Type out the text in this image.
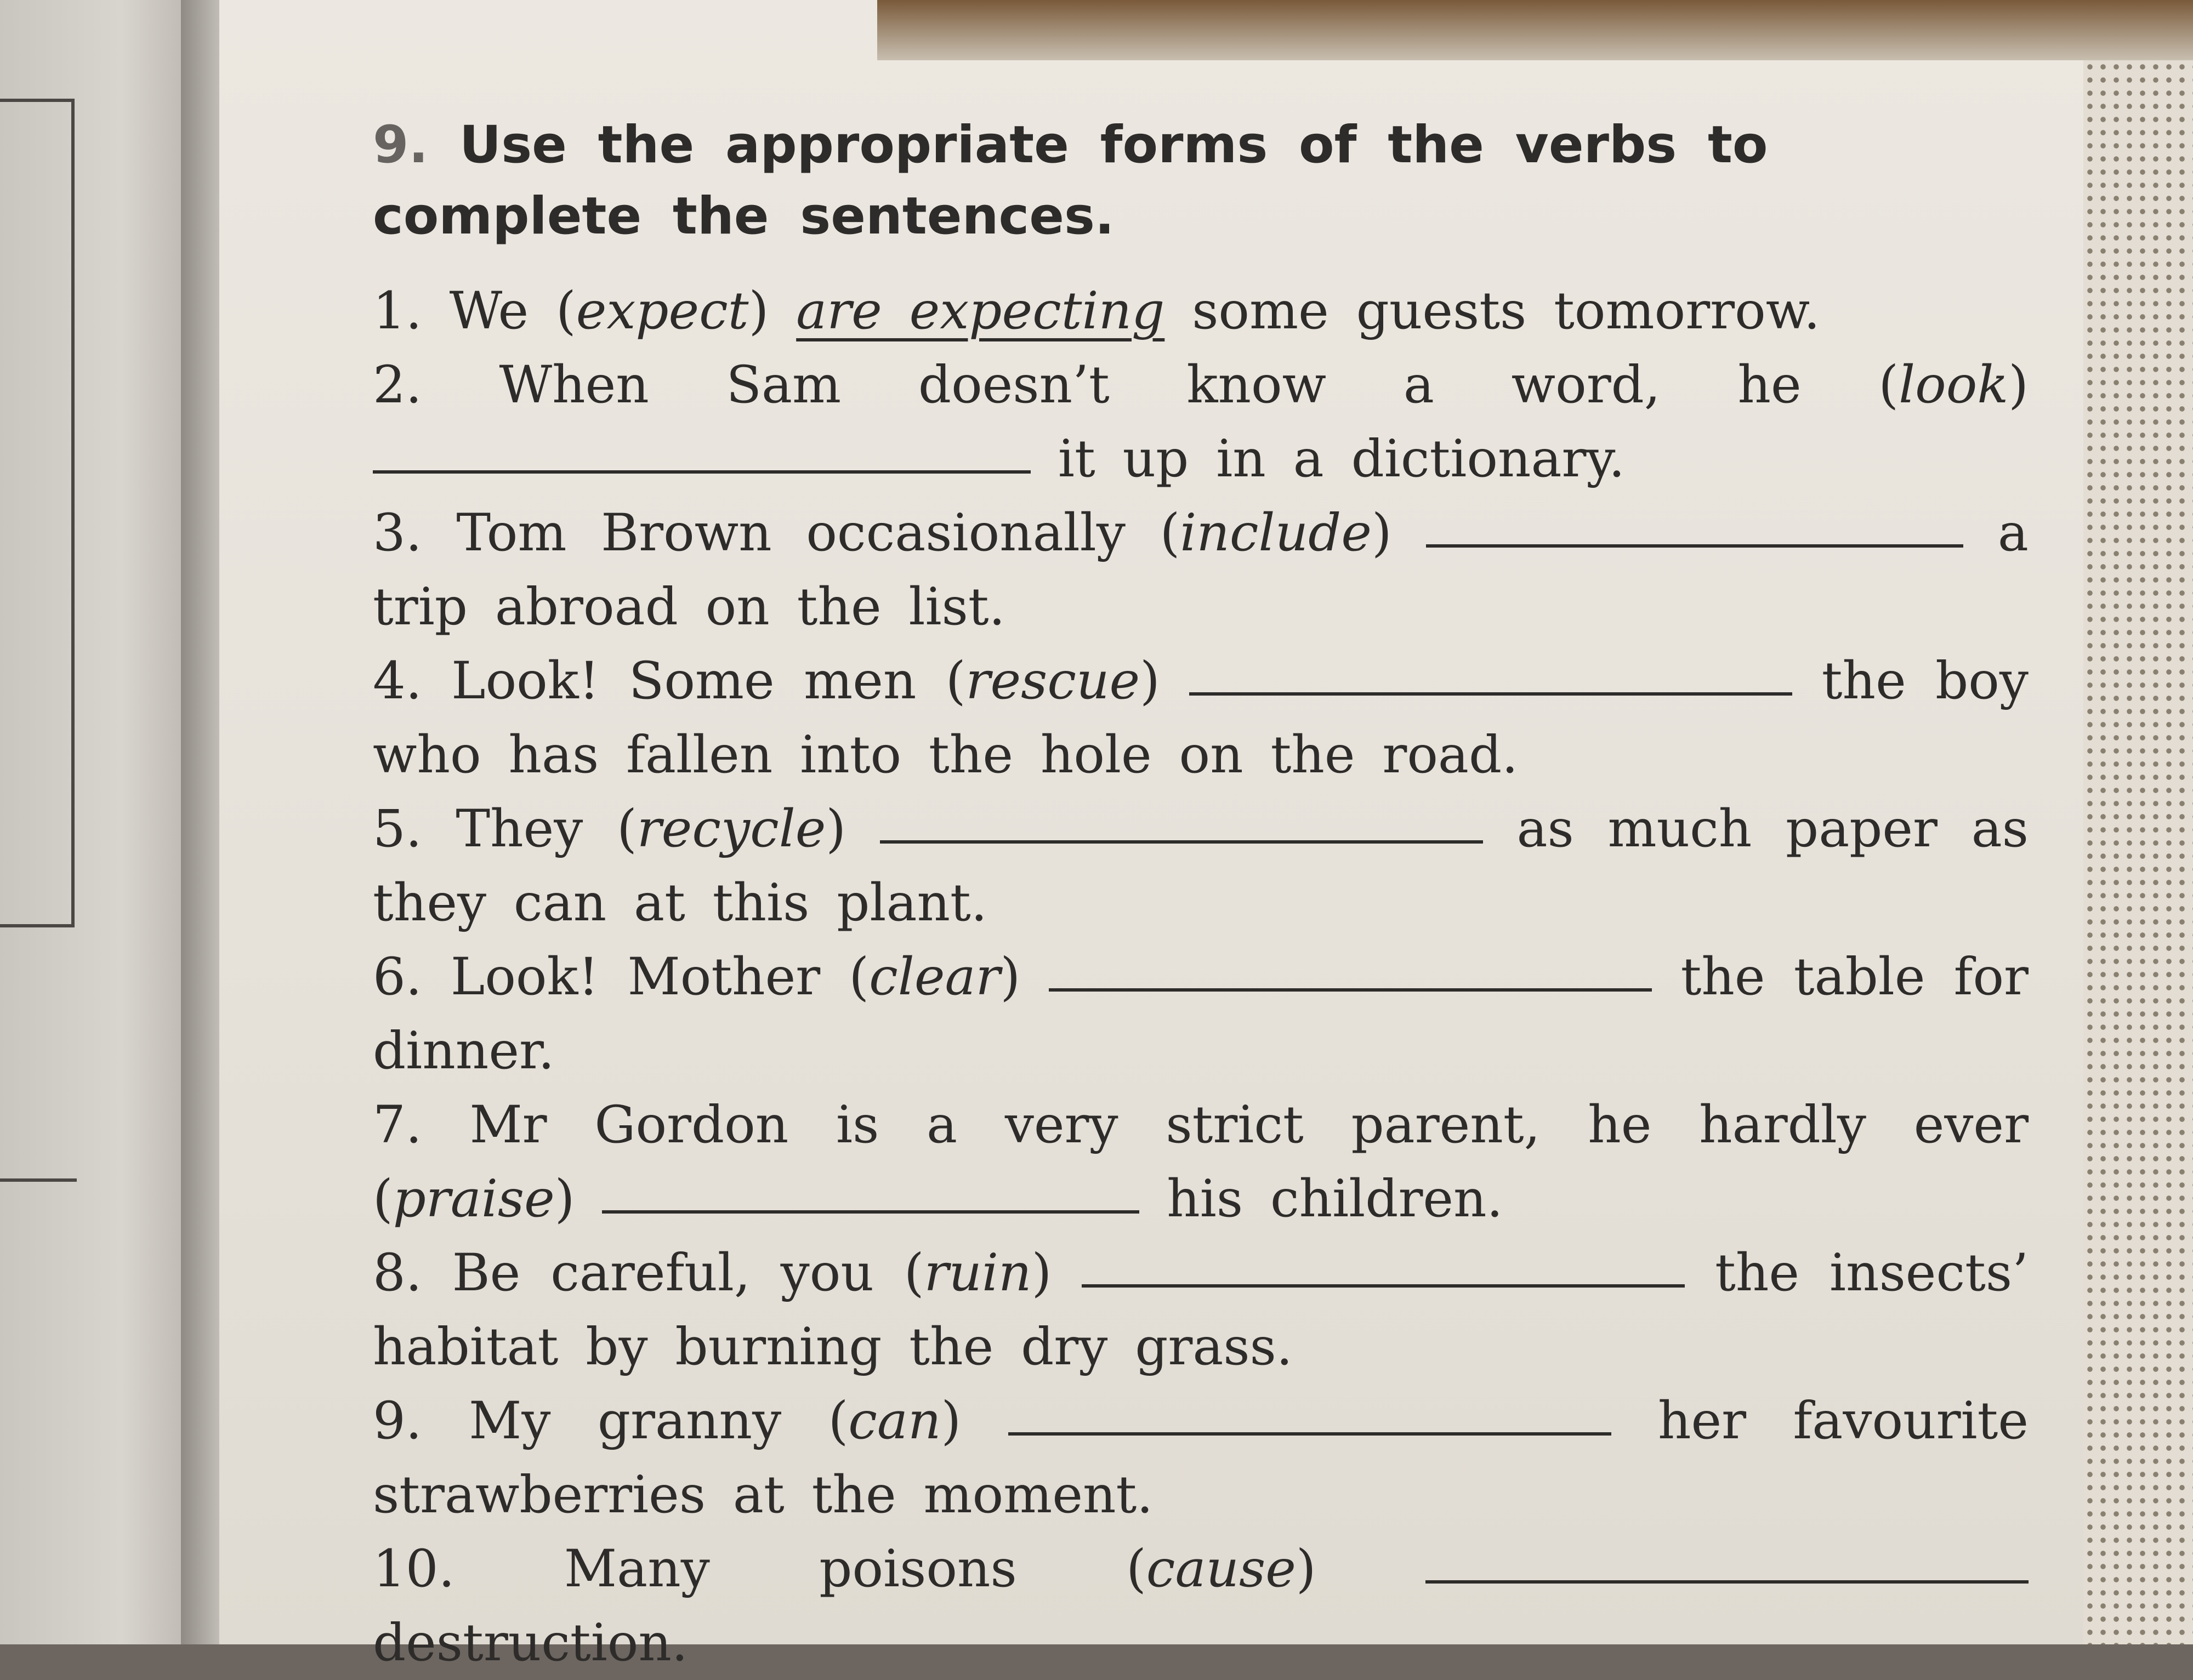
9. Use the appropriate forms of the verbs to complete the sentences.
1. We (expect) are expecting some guests tomorrow.
2. When Sam doesn’t know a word, he (look)  it up in a dictionary.
3. Tom Brown occasionally (include)	a trip abroad on the list.
4. Look! Some men (rescue)	the boy who has fallen into the hole on the road.
5. They (recycle)	as much paper as they can at this plant.
6. Look! Mother (clear)	the table for dinner.
7. Mr Gordon is a very strict parent, he hardly ever (praise)	his children.
8. Be careful, you (ruin)	the insects’ habitat by burning the dry grass.
9. My granny (can)	her favourite strawberries at the moment.
10. Many poisons (cause)  destruction.
